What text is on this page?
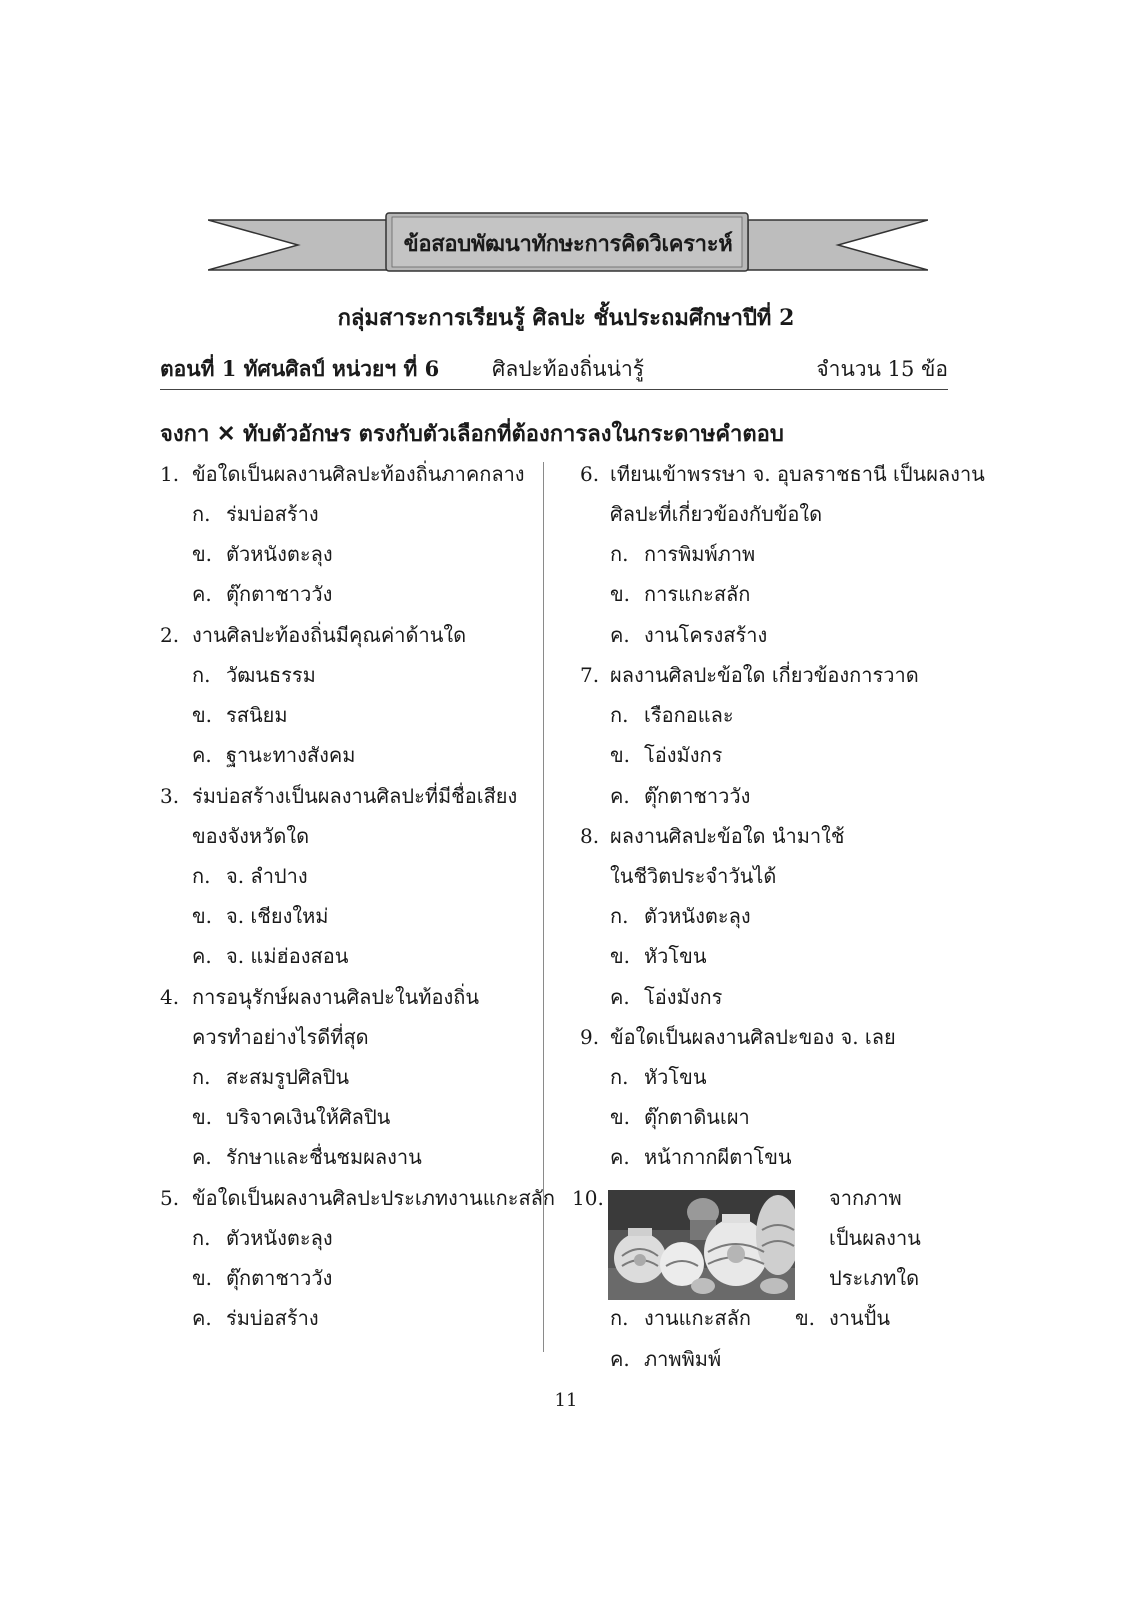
ข้อสอบพัฒนาทักษะการคิดวิเคราะห์
กลุ่มสาระการเรียนรู้ ศิลปะ ชั้นประถมศึกษาปีที่ 2
ตอนที่ 1 ทัศนศิลป์ หน่วยฯ ที่ 6	ศิลปะท้องถิ่นน่ารู้	จำนวน 15 ข้อ
จงกา ✕ ทับตัวอักษร ตรงกับตัวเลือกที่ต้องการลงในกระดาษคำตอบ
1. ข้อใดเป็นผลงานศิลปะท้องถิ่นภาคกลาง
ก. ร่มบ่อสร้าง
ข. ตัวหนังตะลุง
ค. ตุ๊กตาชาววัง
2. งานศิลปะท้องถิ่นมีคุณค่าด้านใด
ก. วัฒนธรรม
ข. รสนิยม
ค. ฐานะทางสังคม
3. ร่มบ่อสร้างเป็นผลงานศิลปะที่มีชื่อเสียง
ของจังหวัดใด
ก. จ. ลำปาง
ข. จ. เชียงใหม่
ค. จ. แม่ฮ่องสอน
4. การอนุรักษ์ผลงานศิลปะในท้องถิ่น
ควรทำอย่างไรดีที่สุด
ก. สะสมรูปศิลปิน
ข. บริจาคเงินให้ศิลปิน
ค. รักษาและชื่นชมผลงาน
5. ข้อใดเป็นผลงานศิลปะประเภทงานแกะสลัก
ก. ตัวหนังตะลุง
ข. ตุ๊กตาชาววัง
ค. ร่มบ่อสร้าง
6. เทียนเข้าพรรษา จ. อุบลราชธานี เป็นผลงาน
ศิลปะที่เกี่ยวข้องกับข้อใด
ก. การพิมพ์ภาพ
ข. การแกะสลัก
ค. งานโครงสร้าง
7. ผลงานศิลปะข้อใด เกี่ยวข้องการวาด
ก. เรือกอและ
ข. โอ่งมังกร
ค. ตุ๊กตาชาววัง
8. ผลงานศิลปะข้อใด นำมาใช้
ในชีวิตประจำวันได้
ก. ตัวหนังตะลุง
ข. หัวโขน
ค. โอ่งมังกร
9. ข้อใดเป็นผลงานศิลปะของ จ. เลย
ก. หัวโขน
ข. ตุ๊กตาดินเผา
ค. หน้ากากผีตาโขน
10.	จากภาพ
เป็นผลงาน
ประเภทใด
ก. งานแกะสลัก ข. งานปั้น
ค. ภาพพิมพ์
11
